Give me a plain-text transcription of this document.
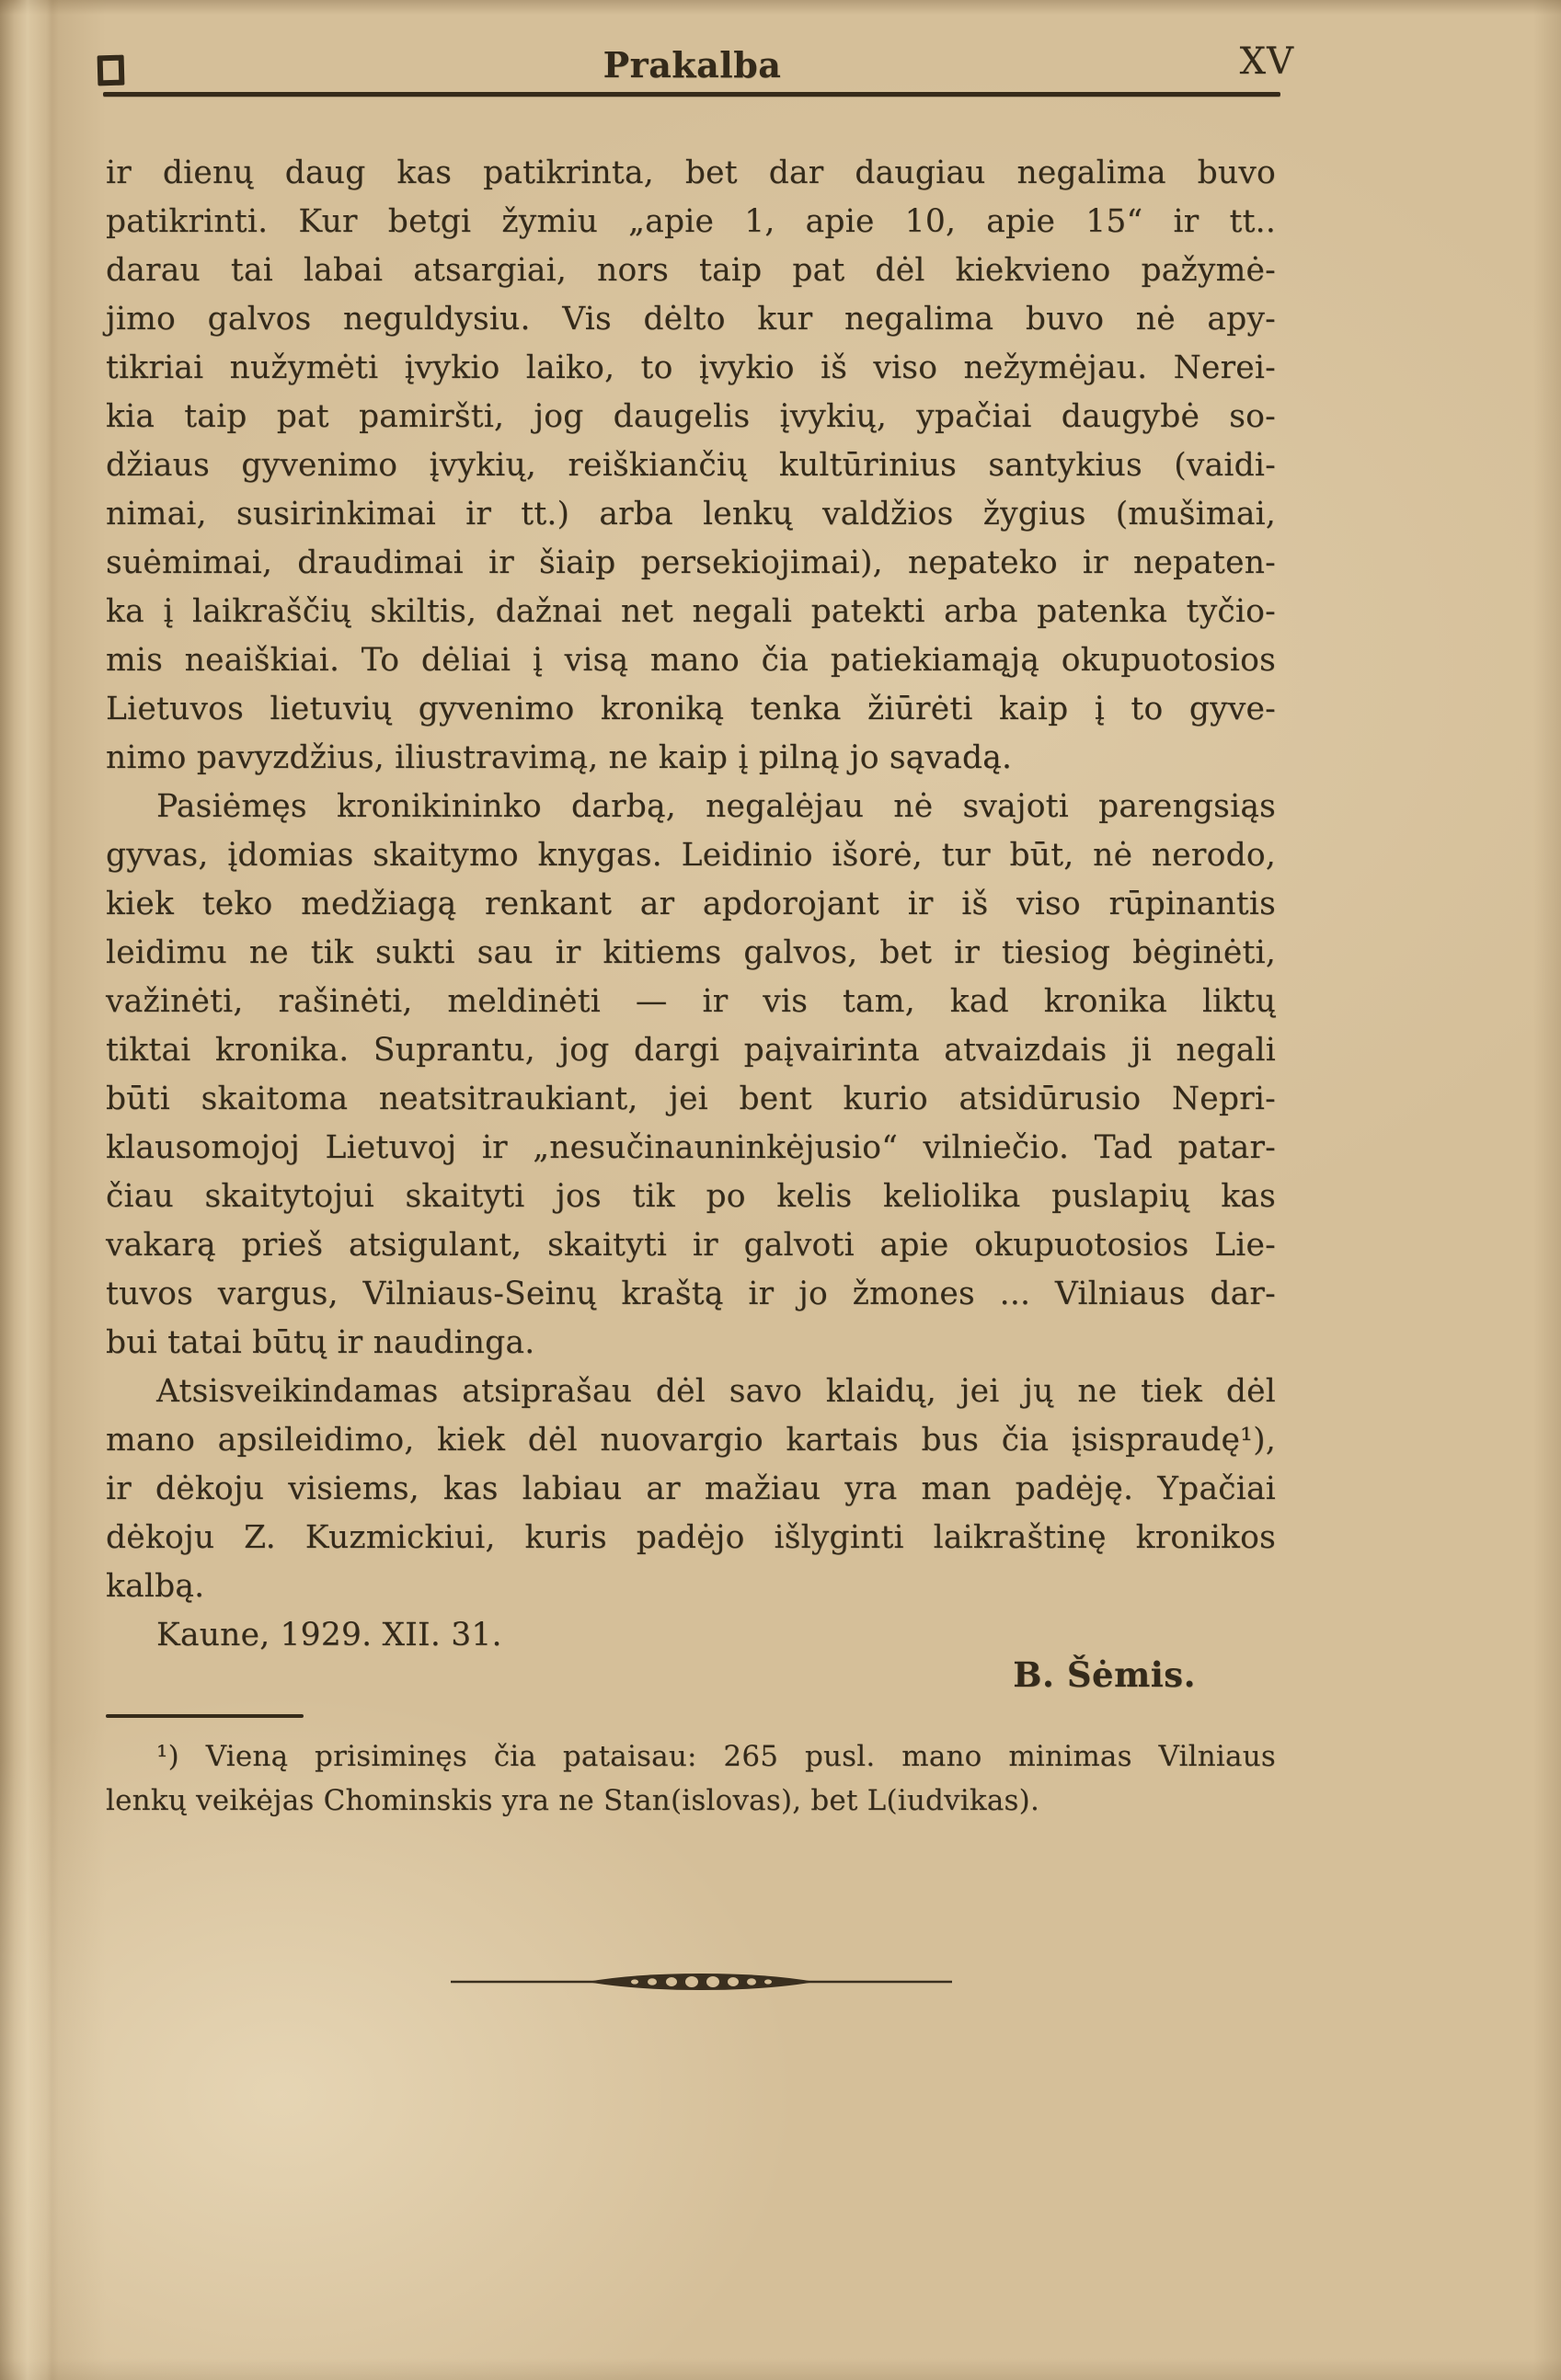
Prakalba	XV
ir dienų daug kas patikrinta, bet dar daugiau negalima buvo
patikrinti. Kur betgi žymiu „apie 1, apie 10, apie 15“ ir tt..
darau tai labai atsargiai, nors taip pat dėl kiekvieno pažymė-
jimo galvos neguldysiu. Vis dėlto kur negalima buvo nė apy-
tikriai nužymėti įvykio laiko, to įvykio iš viso nežymėjau. Nerei-
kia taip pat pamiršti, jog daugelis įvykių, ypačiai daugybė so-
džiaus gyvenimo įvykių, reiškiančių kultūrinius santykius (vaidi-
nimai, susirinkimai ir tt.) arba lenkų valdžios žygius (mušimai,
suėmimai, draudimai ir šiaip persekiojimai), nepateko ir nepaten-
ka į laikraščių skiltis, dažnai net negali patekti arba patenka tyčio-
mis neaiškiai. To dėliai į visą mano čia patiekiamąją okupuotosios
Lietuvos lietuvių gyvenimo kroniką tenka žiūrėti kaip į to gyve-
nimo pavyzdžius, iliustravimą, ne kaip į pilną jo sąvadą.
Pasiėmęs kronikininko darbą, negalėjau nė svajoti parengsiąs
gyvas, įdomias skaitymo knygas. Leidinio išorė, tur būt, nė nerodo,
kiek teko medžiagą renkant ar apdorojant ir iš viso rūpinantis
leidimu ne tik sukti sau ir kitiems galvos, bet ir tiesiog bėginėti,
važinėti, rašinėti, meldinėti — ir vis tam, kad kronika liktų
tiktai kronika. Suprantu, jog dargi paįvairinta atvaizdais ji negali
būti skaitoma neatsitraukiant, jei bent kurio atsidūrusio Nepri-
klausomojoj Lietuvoj ir „nesučinauninkėjusio“ vilniečio. Tad patar-
čiau skaitytojui skaityti jos tik po kelis keliolika puslapių kas
vakarą prieš atsigulant, skaityti ir galvoti apie okupuotosios Lie-
tuvos vargus, Vilniaus-Seinų kraštą ir jo žmones ... Vilniaus dar-
bui tatai būtų ir naudinga.
Atsisveikindamas atsiprašau dėl savo klaidų, jei jų ne tiek dėl
mano apsileidimo, kiek dėl nuovargio kartais bus čia įsispraudę¹),
ir dėkoju visiems, kas labiau ar mažiau yra man padėję. Ypačiai
dėkoju Z. Kuzmickiui, kuris padėjo išlyginti laikraštinę kronikos
kalbą.
Kaune, 1929. XII. 31.
B. Šėmis.
¹) Vieną prisiminęs čia pataisau: 265 pusl. mano minimas Vilniaus
lenkų veikėjas Chominskis yra ne Stan(islovas), bet L(iudvikas).
